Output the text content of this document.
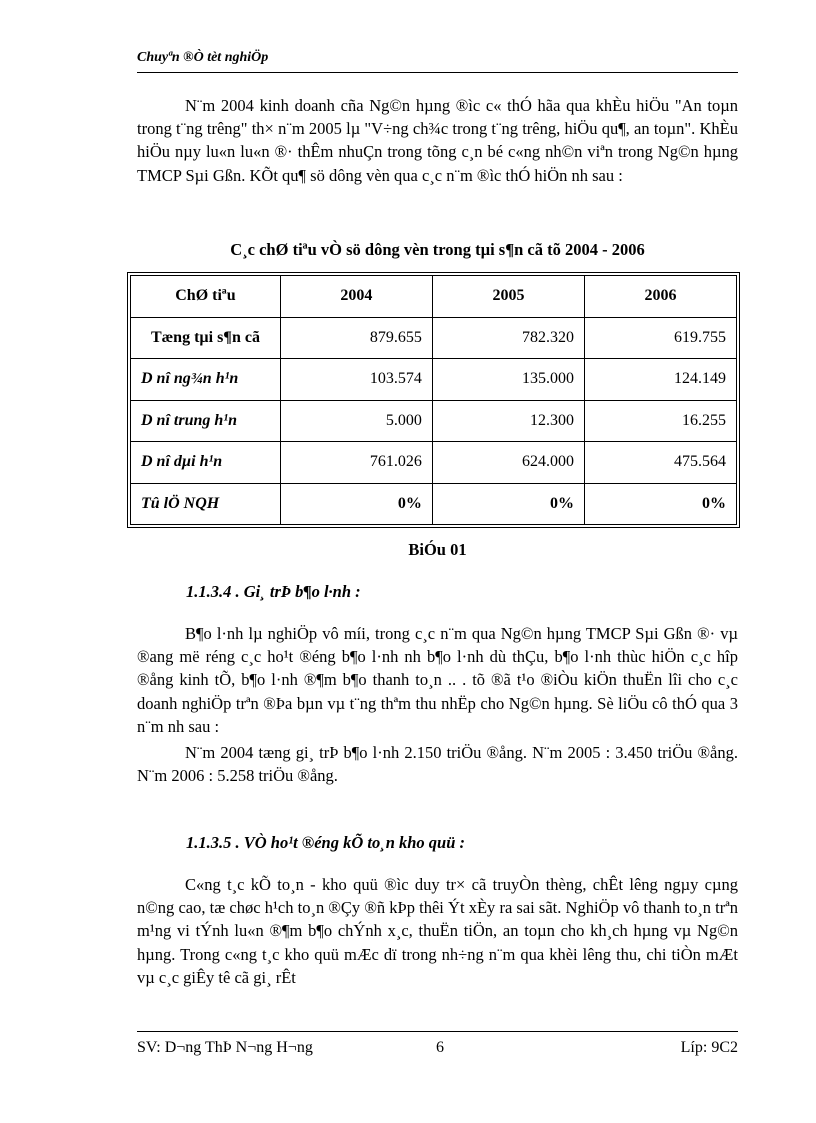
Chuyªn ®Ò tèt nghiÖp

N¨m 2004 kinh doanh cña Ng©n hµng ®ìc c« thÓ hãa qua khÈu hiÖu "An toµn trong t¨ng trêng" th× n¨m 2005 lµ "V÷ng ch¾c trong t¨ng trêng, hiÖu qu¶, an toµn". KhÈu hiÖu nµy lu«n lu«n ®· thÊm nhuÇn trong tõng c¸n bé c«ng nh©n viªn trong Ng©n hµng TMCP Sµi Gßn. KÕt qu¶ sö dông vèn qua c¸c n¨m ®ìc thÓ hiÖn nh sau :

C¸c chØ tiªu vÒ sö dông vèn trong tµi s¶n cã tõ 2004 - 2006
ChØ tiªu	2004	2005	2006
Tæng tµi s¶n cã	879.655	782.320	619.755
D nî ng¾n h¹n	103.574	135.000	124.149
D nî trung h¹n	5.000	12.300	16.255
D nî dµi h¹n	761.026	624.000	475.564
Tû lÖ NQH	0%	0%	0%
BiÓu 01
1.1.3.4 . Gi¸ trÞ b¶o l·nh :

B¶o l·nh lµ nghiÖp vô míi, trong c¸c n¨m qua Ng©n hµng TMCP Sµi Gßn ®· vµ ®ang më réng c¸c ho¹t ®éng b¶o l·nh nh b¶o l·nh dù thÇu, b¶o l·nh thùc hiÖn c¸c hîp ®ång kinh tÕ, b¶o l·nh ®¶m b¶o thanh to¸n .. . tõ ®ã t¹o ®iÒu kiÖn thuËn lîi cho c¸c doanh nghiÖp trªn ®Þa bµn vµ t¨ng thªm thu nhËp cho Ng©n hµng. Sè liÖu cô thÓ qua 3 n¨m nh sau :

N¨m 2004 tæng gi¸ trÞ b¶o l·nh 2.150 triÖu ®ång. N¨m 2005 : 3.450 triÖu ®ång. N¨m 2006 : 5.258 triÖu ®ång.

1.1.3.5 . VÒ ho¹t ®éng kÕ to¸n kho quü :

C«ng t¸c kÕ to¸n - kho quü ®ìc duy tr× cã truyÒn thèng, chÊt lêng ngµy cµng n©ng cao, tæ chøc h¹ch to¸n ®Çy ®ñ kÞp thêi Ýt xÈy ra sai sãt. NghiÖp vô thanh to¸n trªn m¹ng vi tÝnh lu«n ®¶m b¶o chÝnh x¸c, thuËn tiÖn, an toµn cho kh¸ch hµng vµ Ng©n hµng. Trong c«ng t¸c kho quü mÆc dï trong nh÷ng n¨m qua khèi lêng thu, chi tiÒn mÆt vµ c¸c giÊy tê cã gi¸ rÊt

SV: D¬ng ThÞ N¬ng H¬ng	6	Líp: 9C2
